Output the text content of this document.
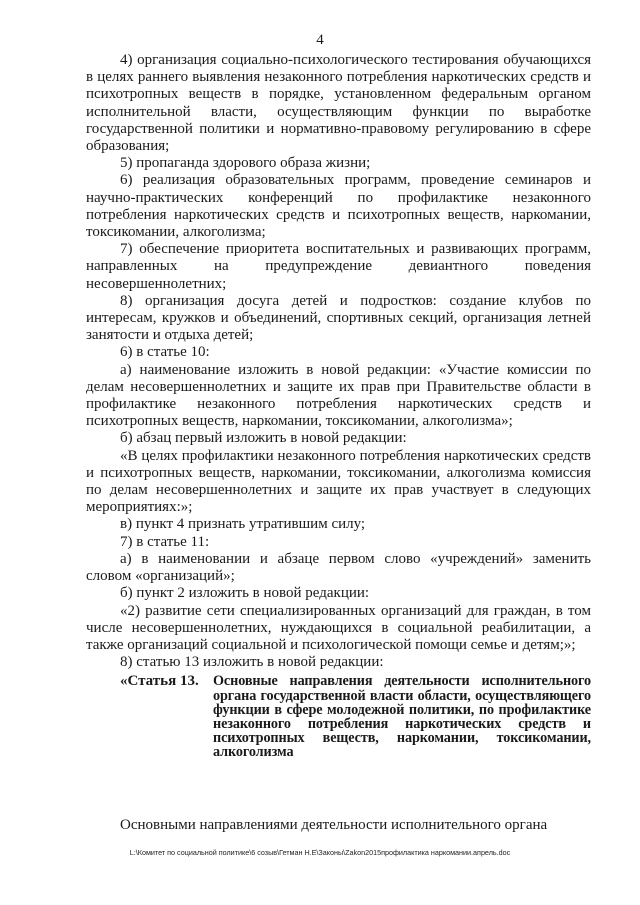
4

4) организация социально-психологического тестирования обучающихся в целях раннего выявления незаконного потребления наркотических средств и психотропных веществ в порядке, установленном федеральным органом исполнительной власти, осуществляющим функции по выработке государственной политики и нормативно-правовому регулированию в сфере образования;

5) пропаганда здорового образа жизни;

6) реализация образовательных программ, проведение семинаров и научно-практических конференций по профилактике незаконного потребления наркотических средств и психотропных веществ, наркомании, токсикомании, алкоголизма;

7) обеспечение приоритета воспитательных и развивающих программ, направленных на предупреждение девиантного поведения несовершеннолетних;

8) организация досуга детей и подростков: создание клубов по интересам, кружков и объединений, спортивных секций, организация летней занятости и отдыха детей;

6) в статье 10:

а) наименование изложить в новой редакции: «Участие комиссии по делам несовершеннолетних и защите их прав при Правительстве области в профилактике незаконного потребления наркотических средств и психотропных веществ, наркомании, токсикомании, алкоголизма»;

б) абзац первый изложить в новой редакции:

«В целях профилактики незаконного потребления наркотических средств и психотропных веществ, наркомании, токсикомании, алкоголизма комиссия по делам несовершеннолетних и защите их прав участвует в следующих мероприятиях:»;

в) пункт 4 признать утратившим силу;

7) в статье 11:

а) в наименовании и абзаце первом слово «учреждений» заменить словом «организаций»;

б) пункт 2 изложить в новой редакции:

«2) развитие сети специализированных организаций для граждан, в том числе несовершеннолетних, нуждающихся в социальной реабилитации, а также организаций социальной и психологической помощи семье и детям;»;

8) статью 13 изложить в новой редакции:

«Статья 13.	Основные направления деятельности исполнительного органа государственной власти области, осуществляющего функции в сфере молодежной политики, по профилактике незаконного потребления наркотических средств и психотропных веществ, наркомании, токсикомании, алкоголизма
Основными направлениями деятельности исполнительного органа
L:\Комитет по социальной политике\6 созыв\Гетман Н.Е\Законы\Zakon2015профилактика наркомании.апрель.doc
